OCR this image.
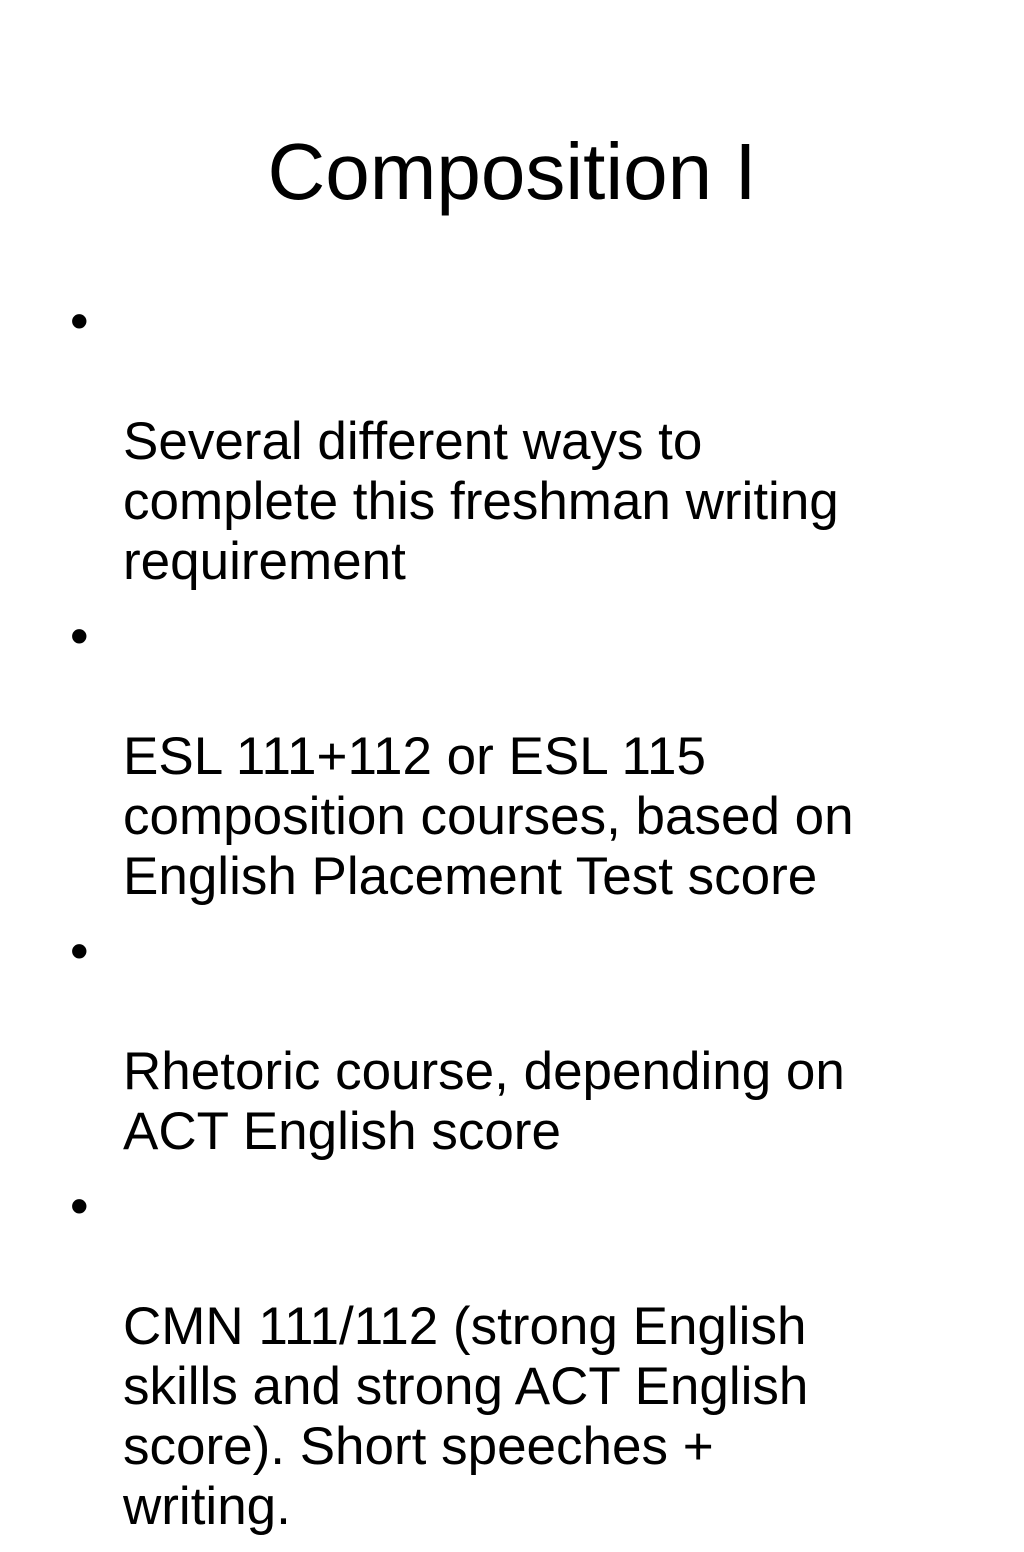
Composition I

•

Several different ways to
complete this freshman writing
requirement

•

ESL 111+112 or ESL 115
composition courses, based on
English Placement Test score

•

Rhetoric course, depending on
ACT English score

•

CMN 111/112 (strong English
skills and strong ACT English
score). Short speeches +
writing.
